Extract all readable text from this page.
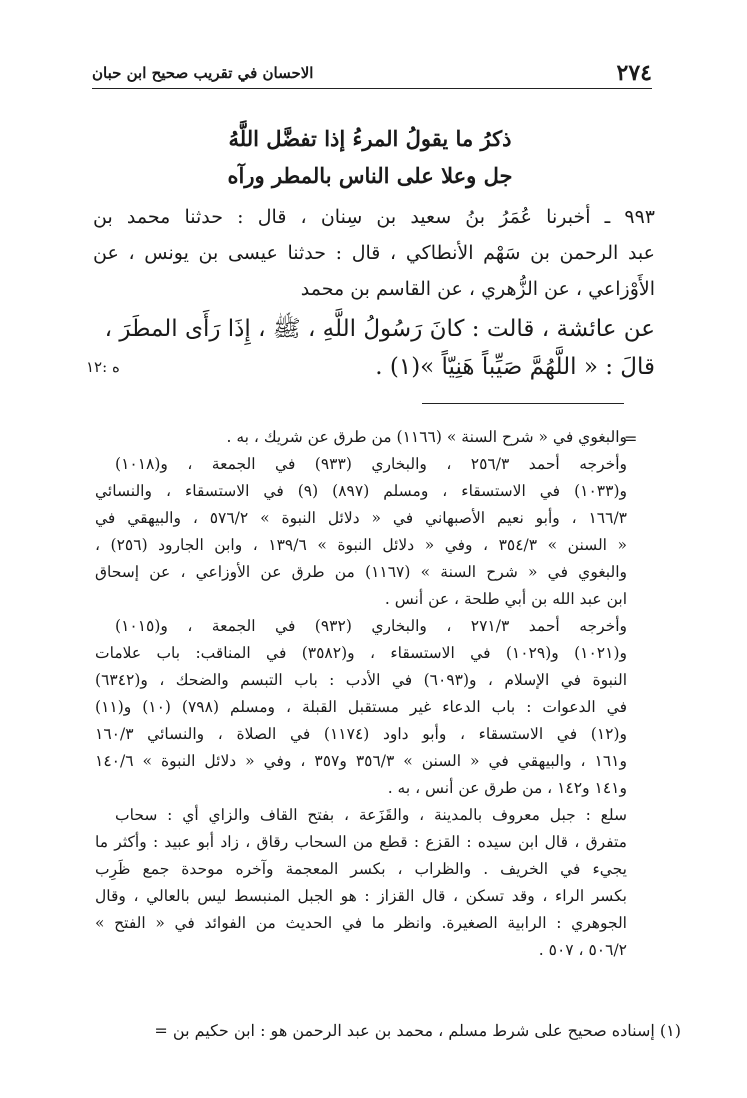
٢٧٤
الاحسان في تقريب صحيح ابن حبان
ذكرُ ما يقولُ المرءُ إذا تفضَّل اللَّهُ
جل وعلا على الناس بالمطر ورآه
٩٩٣ ـ أخبرنا عُمَرُ بنُ سعيد بن سِنان ، قال : حدثنا محمد بن
عبد الرحمن بن سَهْم الأنطاكي ، قال : حدثنا عيسى بن يونس ، عن
الأَوْزاعي ، عن الزُّهري ، عن القاسم بن محمد
عن عائشة ، قالت : كانَ رَسُولُ اللَّهِ ، ﷺ ، إِذَا رَأَى المطَرَ ،
قالَ : « اللَّهُمَّ صَيِّباً هَنِيّاً »(١) .
ه :١٢
=
والبغوي في « شرح السنة » (١١٦٦) من طرق عن شريك ، به .
وأخرجه أحمد ٢٥٦/٣ ، والبخاري (٩٣٣) في الجمعة ، و(١٠١٨)
و(١٠٣٣) في الاستسقاء ، ومسلم (٨٩٧) (٩) في الاستسقاء ، والنسائي
١٦٦/٣ ، وأبو نعيم الأصبهاني في « دلائل النبوة » ٥٧٦/٢ ، والبيهقي في
« السنن » ٣٥٤/٣ ، وفي « دلائل النبوة » ١٣٩/٦ ، وابن الجارود (٢٥٦) ،
والبغوي في « شرح السنة » (١١٦٧) من طرق عن الأوزاعي ، عن إسحاق
ابن عبد الله بن أبي طلحة ، عن أنس .
وأخرجه أحمد ٢٧١/٣ ، والبخاري (٩٣٢) في الجمعة ، و(١٠١٥)
و(١٠٢١) و(١٠٢٩) في الاستسقاء ، و(٣٥٨٢) في المناقب: باب علامات
النبوة في الإسلام ، و(٦٠٩٣) في الأدب : باب التبسم والضحك ، و(٦٣٤٢)
في الدعوات : باب الدعاء غير مستقبل القبلة ، ومسلم (٧٩٨) (١٠) و(١١)
و(١٢) في الاستسقاء ، وأبو داود (١١٧٤) في الصلاة ، والنسائي ١٦٠/٣
و١٦١ ، والبيهقي في « السنن » ٣٥٦/٣ و٣٥٧ ، وفي « دلائل النبوة » ١٤٠/٦
و١٤١ و١٤٢ ، من طرق عن أنس ، به .
سلع : جبل معروف بالمدينة ، والقَزَعة ، بفتح القاف والزاي أي : سحاب
متفرق ، قال ابن سيده : القزع : قطع من السحاب رقاق ، زاد أبو عبيد : وأكثر ما
يجيء في الخريف . والظراب ، بكسر المعجمة وآخره موحدة جمع ظَرِب
بكسر الراء ، وقد تسكن ، قال القزاز : هو الجبل المنبسط ليس بالعالي ، وقال
الجوهري : الرابية الصغيرة. وانظر ما في الحديث من الفوائد في « الفتح »
٥٠٦/٢ ، ٥٠٧ .
(١) إسناده صحيح على شرط مسلم ، محمد بن عبد الرحمن هو : ابن حكيم بن =
